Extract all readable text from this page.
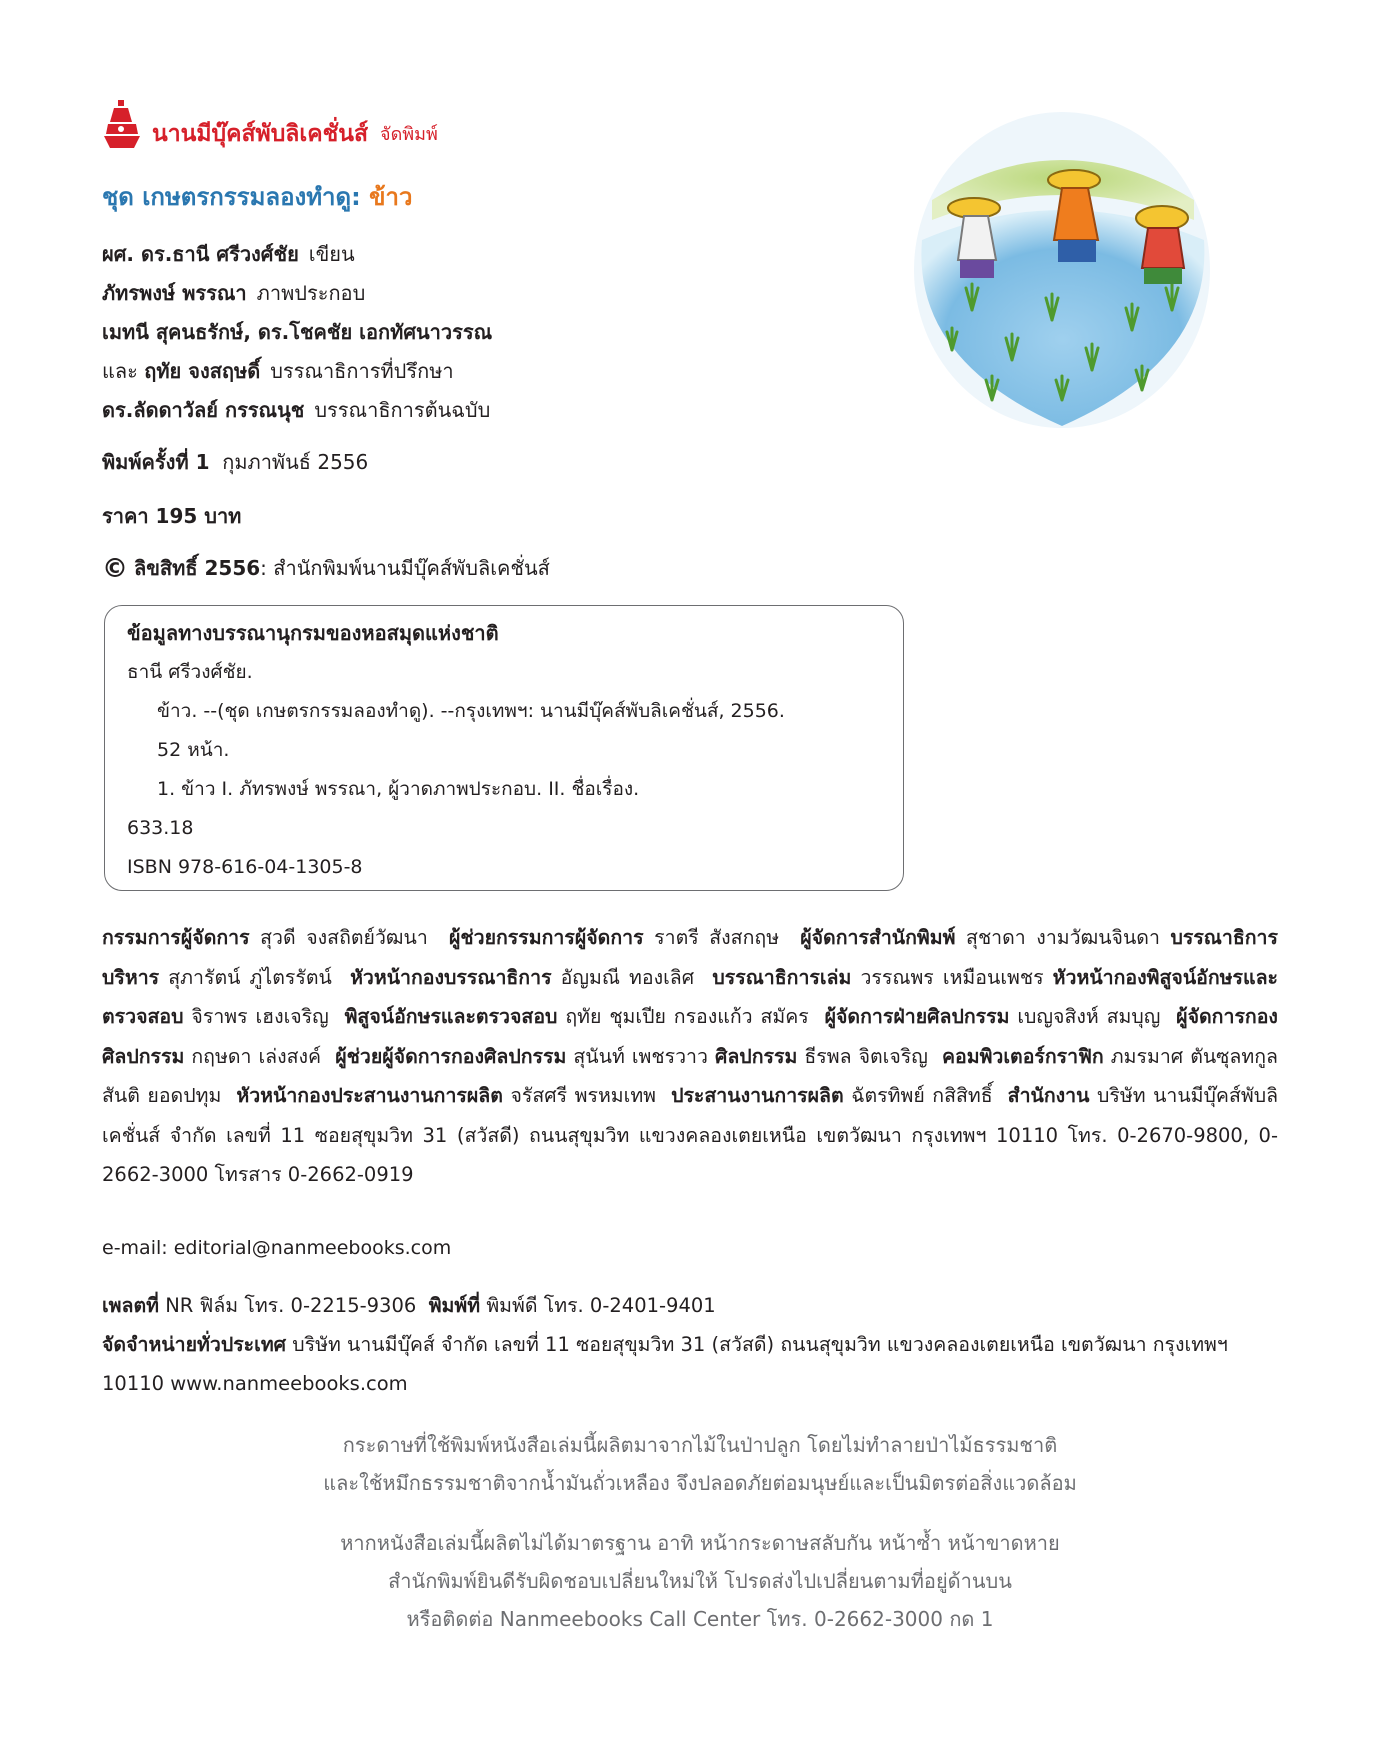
นานมีบุ๊คส์พับลิเคชั่นส์ จัดพิมพ์
ชุด เกษตรกรรมลองทำดู: ข้าว
ผศ. ดร.ธานี ศรีวงศ์ชัย เขียน
ภัทรพงษ์ พรรณา ภาพประกอบ
เมทนี สุคนธรักษ์, ดร.โชคชัย เอกทัศนาวรรณ
และ ฤทัย จงสฤษดิ์ บรรณาธิการที่ปรึกษา
ดร.ลัดดาวัลย์ กรรณนุช บรรณาธิการต้นฉบับ
พิมพ์ครั้งที่ 1 กุมภาพันธ์ 2556
ราคา 195 บาท
© ลิขสิทธิ์ 2556: สำนักพิมพ์นานมีบุ๊คส์พับลิเคชั่นส์
ข้อมูลทางบรรณานุกรมของหอสมุดแห่งชาติ
ธานี ศรีวงศ์ชัย.
ข้าว. --(ชุด เกษตรกรรมลองทำดู). --กรุงเทพฯ: นานมีบุ๊คส์พับลิเคชั่นส์, 2556.
52 หน้า.
1. ข้าว I. ภัทรพงษ์ พรรณา, ผู้วาดภาพประกอบ. II. ชื่อเรื่อง.
633.18
ISBN 978-616-04-1305-8
กรรมการผู้จัดการ สุวดี จงสถิตย์วัฒนา ผู้ช่วยกรรมการผู้จัดการ ราตรี สังสกฤษ ผู้จัดการสำนักพิมพ์ สุชาดา งามวัฒนจินดา บรรณาธิการบริหาร สุภารัตน์ ภู่ไตรรัตน์ หัวหน้ากองบรรณาธิการ อัญมณี ทองเลิศ บรรณาธิการเล่ม วรรณพร เหมือนเพชร หัวหน้ากองพิสูจน์อักษรและตรวจสอบ จิราพร เฮงเจริญ พิสูจน์อักษรและตรวจสอบ ฤทัย ชุมเปีย กรองแก้ว สมัคร ผู้จัดการฝ่ายศิลปกรรม เบญจสิงห์ สมบุญ ผู้จัดการกองศิลปกรรม กฤษดา เล่งสงค์ ผู้ช่วยผู้จัดการกองศิลปกรรม สุนันท์ เพชรวาว ศิลปกรรม ธีรพล จิตเจริญ คอมพิวเตอร์กราฟิก ภมรมาศ ตันซุลทกูล สันติ ยอดปทุม หัวหน้ากองประสานงานการผลิต จรัสศรี พรหมเทพ ประสานงานการผลิต ฉัตรทิพย์ กสิสิทธิ์ สำนักงาน บริษัท นานมีบุ๊คส์พับลิเคชั่นส์ จำกัด เลขที่ 11 ซอยสุขุมวิท 31 (สวัสดี) ถนนสุขุมวิท แขวงคลองเตยเหนือ เขตวัฒนา กรุงเทพฯ 10110 โทร. 0-2670-9800, 0-2662-3000 โทรสาร 0-2662-0919
e-mail: editorial@nanmeebooks.com
เพลตที่ NR ฟิล์ม โทร. 0-2215-9306 พิมพ์ที่ พิมพ์ดี โทร. 0-2401-9401
จัดจำหน่ายทั่วประเทศ บริษัท นานมีบุ๊คส์ จำกัด เลขที่ 11 ซอยสุขุมวิท 31 (สวัสดี) ถนนสุขุมวิท แขวงคลองเตยเหนือ เขตวัฒนา กรุงเทพฯ 10110 www.nanmeebooks.com
กระดาษที่ใช้พิมพ์หนังสือเล่มนี้ผลิตมาจากไม้ในป่าปลูก โดยไม่ทำลายป่าไม้ธรรมชาติ
และใช้หมึกธรรมชาติจากน้ำมันถั่วเหลือง จึงปลอดภัยต่อมนุษย์และเป็นมิตรต่อสิ่งแวดล้อม
หากหนังสือเล่มนี้ผลิตไม่ได้มาตรฐาน อาทิ หน้ากระดาษสลับกัน หน้าซ้ำ หน้าขาดหาย
สำนักพิมพ์ยินดีรับผิดชอบเปลี่ยนใหม่ให้ โปรดส่งไปเปลี่ยนตามที่อยู่ด้านบน
หรือติดต่อ Nanmeebooks Call Center โทร. 0-2662-3000 กด 1
